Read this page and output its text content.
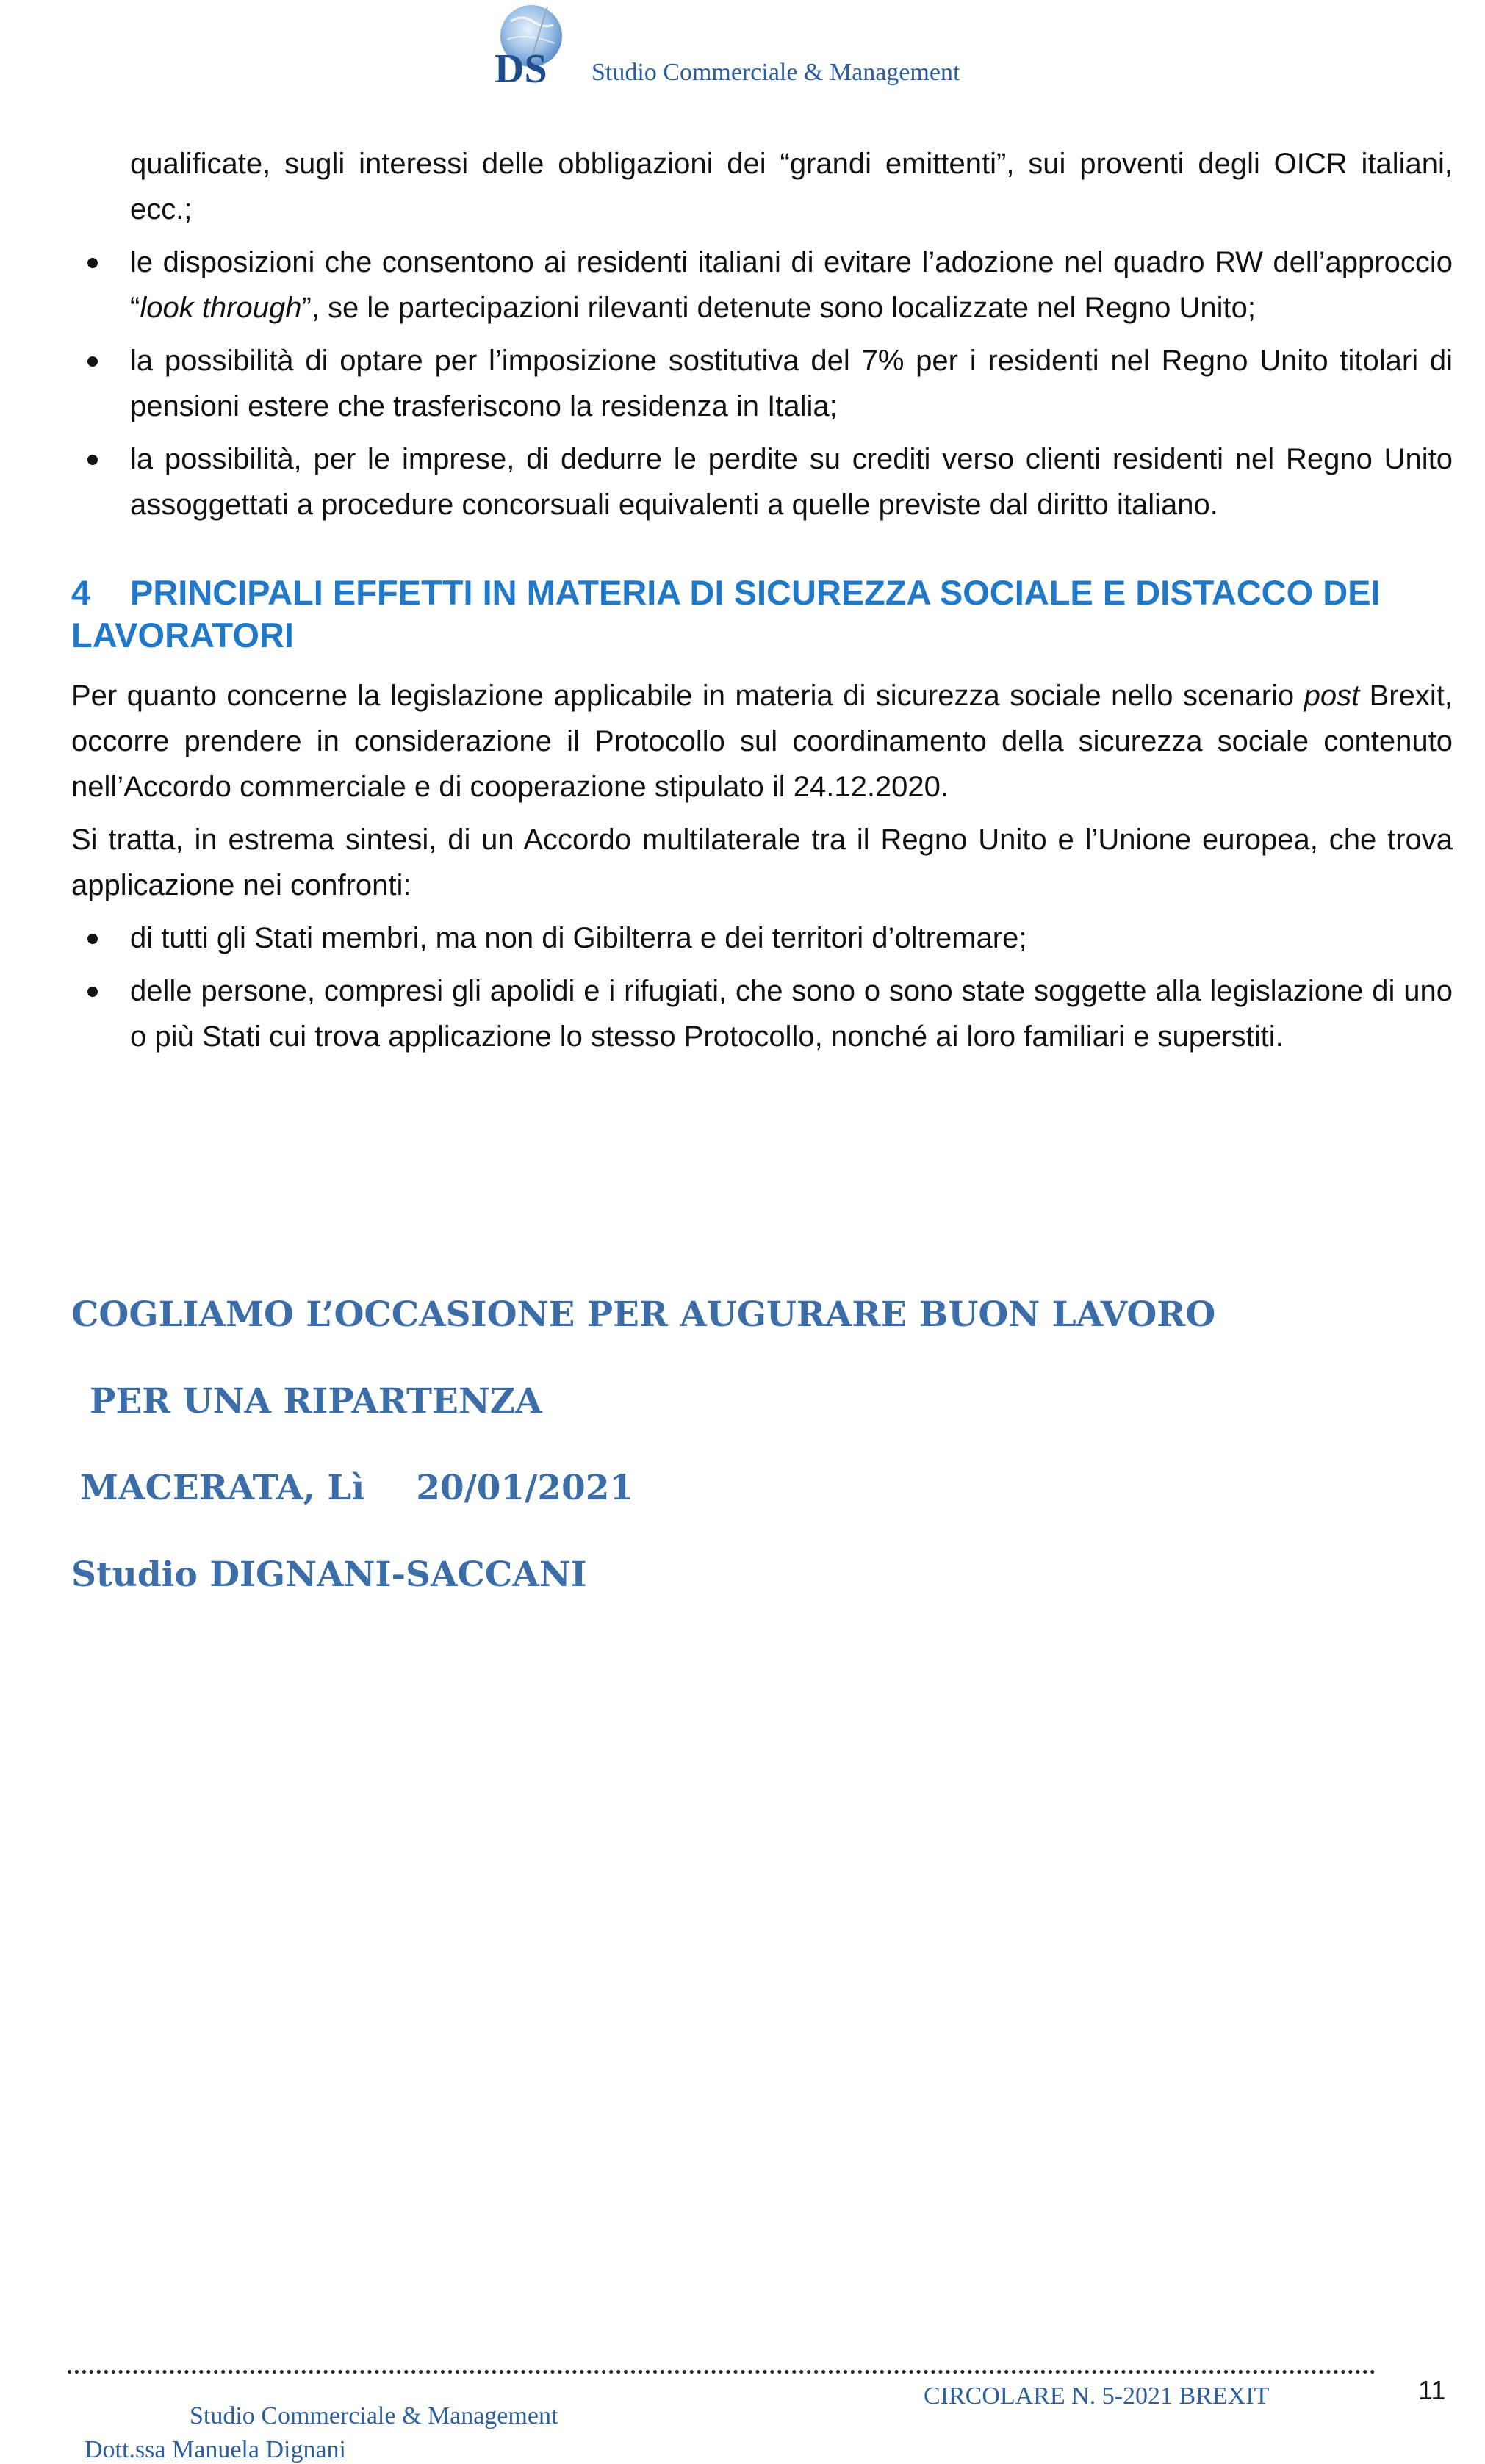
DS Studio Commerciale & Management

qualificate, sugli interessi delle obbligazioni dei “grandi emittenti”, sui proventi degli OICR italiani, ecc.;

le disposizioni che consentono ai residenti italiani di evitare l’adozione nel quadro RW dell’approccio “look through”, se le partecipazioni rilevanti detenute sono localizzate nel Regno Unito;
la possibilità di optare per l’imposizione sostitutiva del 7% per i residenti nel Regno Unito titolari di pensioni estere che trasferiscono la residenza in Italia;
la possibilità, per le imprese, di dedurre le perdite su crediti verso clienti residenti nel Regno Unito assoggettati a procedure concorsuali equivalenti a quelle previste dal diritto italiano.
4 PRINCIPALI EFFETTI IN MATERIA DI SICUREZZA SOCIALE E DISTACCO DEI LAVORATORI

Per quanto concerne la legislazione applicabile in materia di sicurezza sociale nello scenario post Brexit, occorre prendere in considerazione il Protocollo sul coordinamento della sicurezza sociale contenuto nell’Accordo commerciale e di cooperazione stipulato il 24.12.2020.

Si tratta, in estrema sintesi, di un Accordo multilaterale tra il Regno Unito e l’Unione europea, che trova applicazione nei confronti:

di tutti gli Stati membri, ma non di Gibilterra e dei territori d’oltremare;
delle persone, compresi gli apolidi e i rifugiati, che sono o sono state soggette alla legislazione di uno o più Stati cui trova applicazione lo stesso Protocollo, nonché ai loro familiari e superstiti.
COGLIAMO L’OCCASIONE PER AUGURARE BUON LAVORO
PER UNA RIPARTENZA
MACERATA, Lì 20/01/2021
Studio DIGNANI-SACCANI
CIRCOLARE N. 5-2021 BREXIT	11
Studio Commerciale & Management
Dott.ssa Manuela Dignani
